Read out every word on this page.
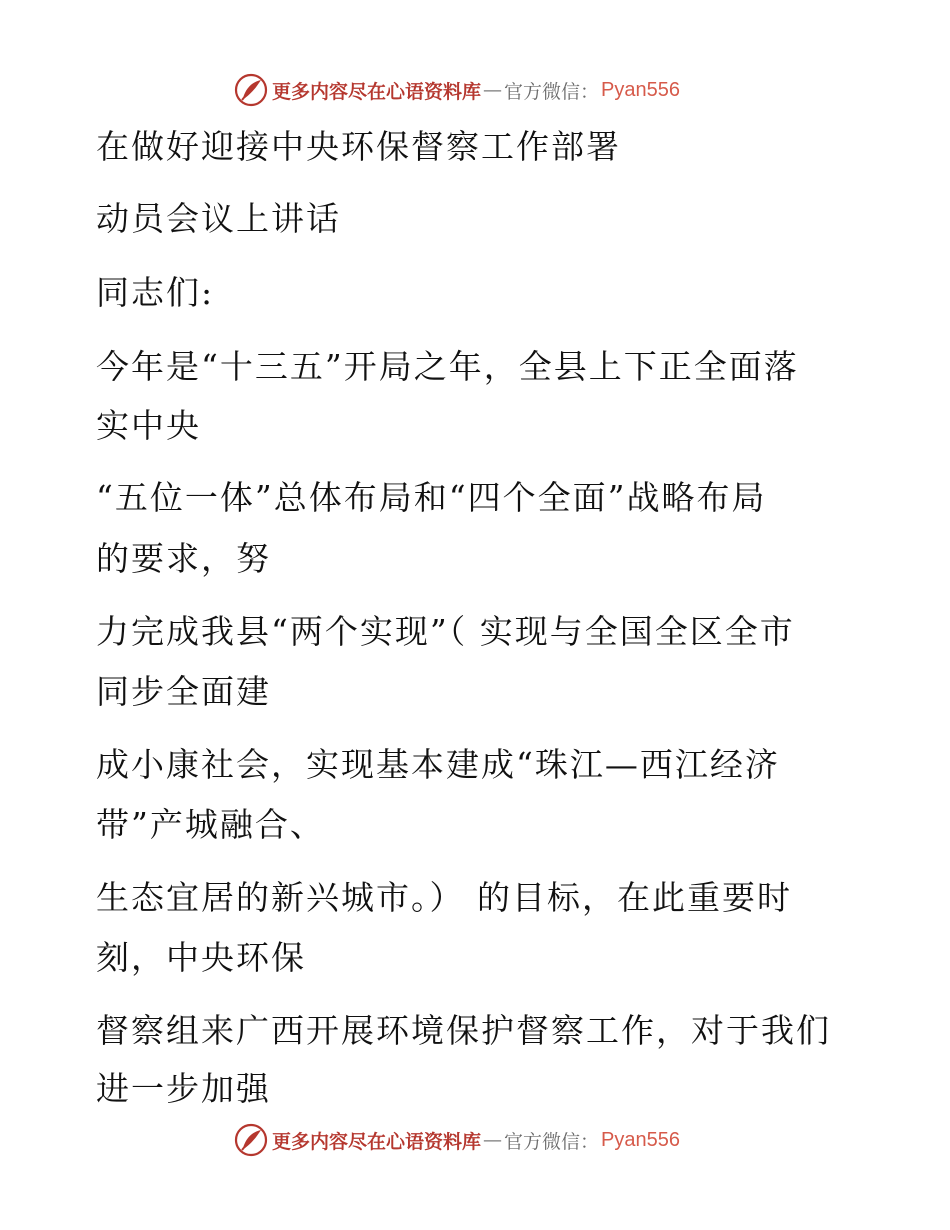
更多内容尽在心语资料库 — 官方微信： Pyan556
在做好迎接中央环保督察工作部署
动员会议上讲话
同志们:
今年是“十三五”开局之年，全县上下正全面落
实中央
“五位一体”总体布局和“四个全面”战略布局
的要求，努
力完成我县“两个实现”（ 实现与全国全区全市
同步全面建
成小康社会，实现基本建成“珠江—西江经济
带”产城融合、
生态宜居的新兴城市。） 的目标，在此重要时
刻，中央环保
督察组来广西开展环境保护督察工作，对于我们
进一步加强
更多内容尽在心语资料库 — 官方微信： Pyan556
